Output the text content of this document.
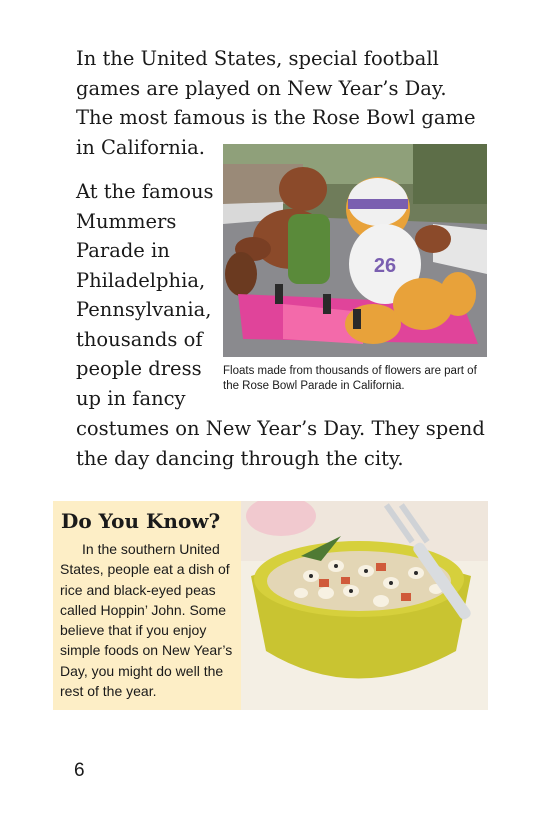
In the United States, special football games are played on New Year’s Day. The most famous is the Rose Bowl game in California.

At the famous Mummers Parade in Philadelphia, Pennsylvania, thousands of people dress up in fancy

26

Floats made from thousands of flowers are part of the Rose Bowl Parade in California.

costumes on New Year’s Day. They spend the day dancing through the city.

Do You Know?

In the southern United States, people eat a dish of rice and black-eyed peas called Hoppin’ John. Some believe that if you enjoy simple foods on New Year’s Day, you might do well the rest of the year.

6
